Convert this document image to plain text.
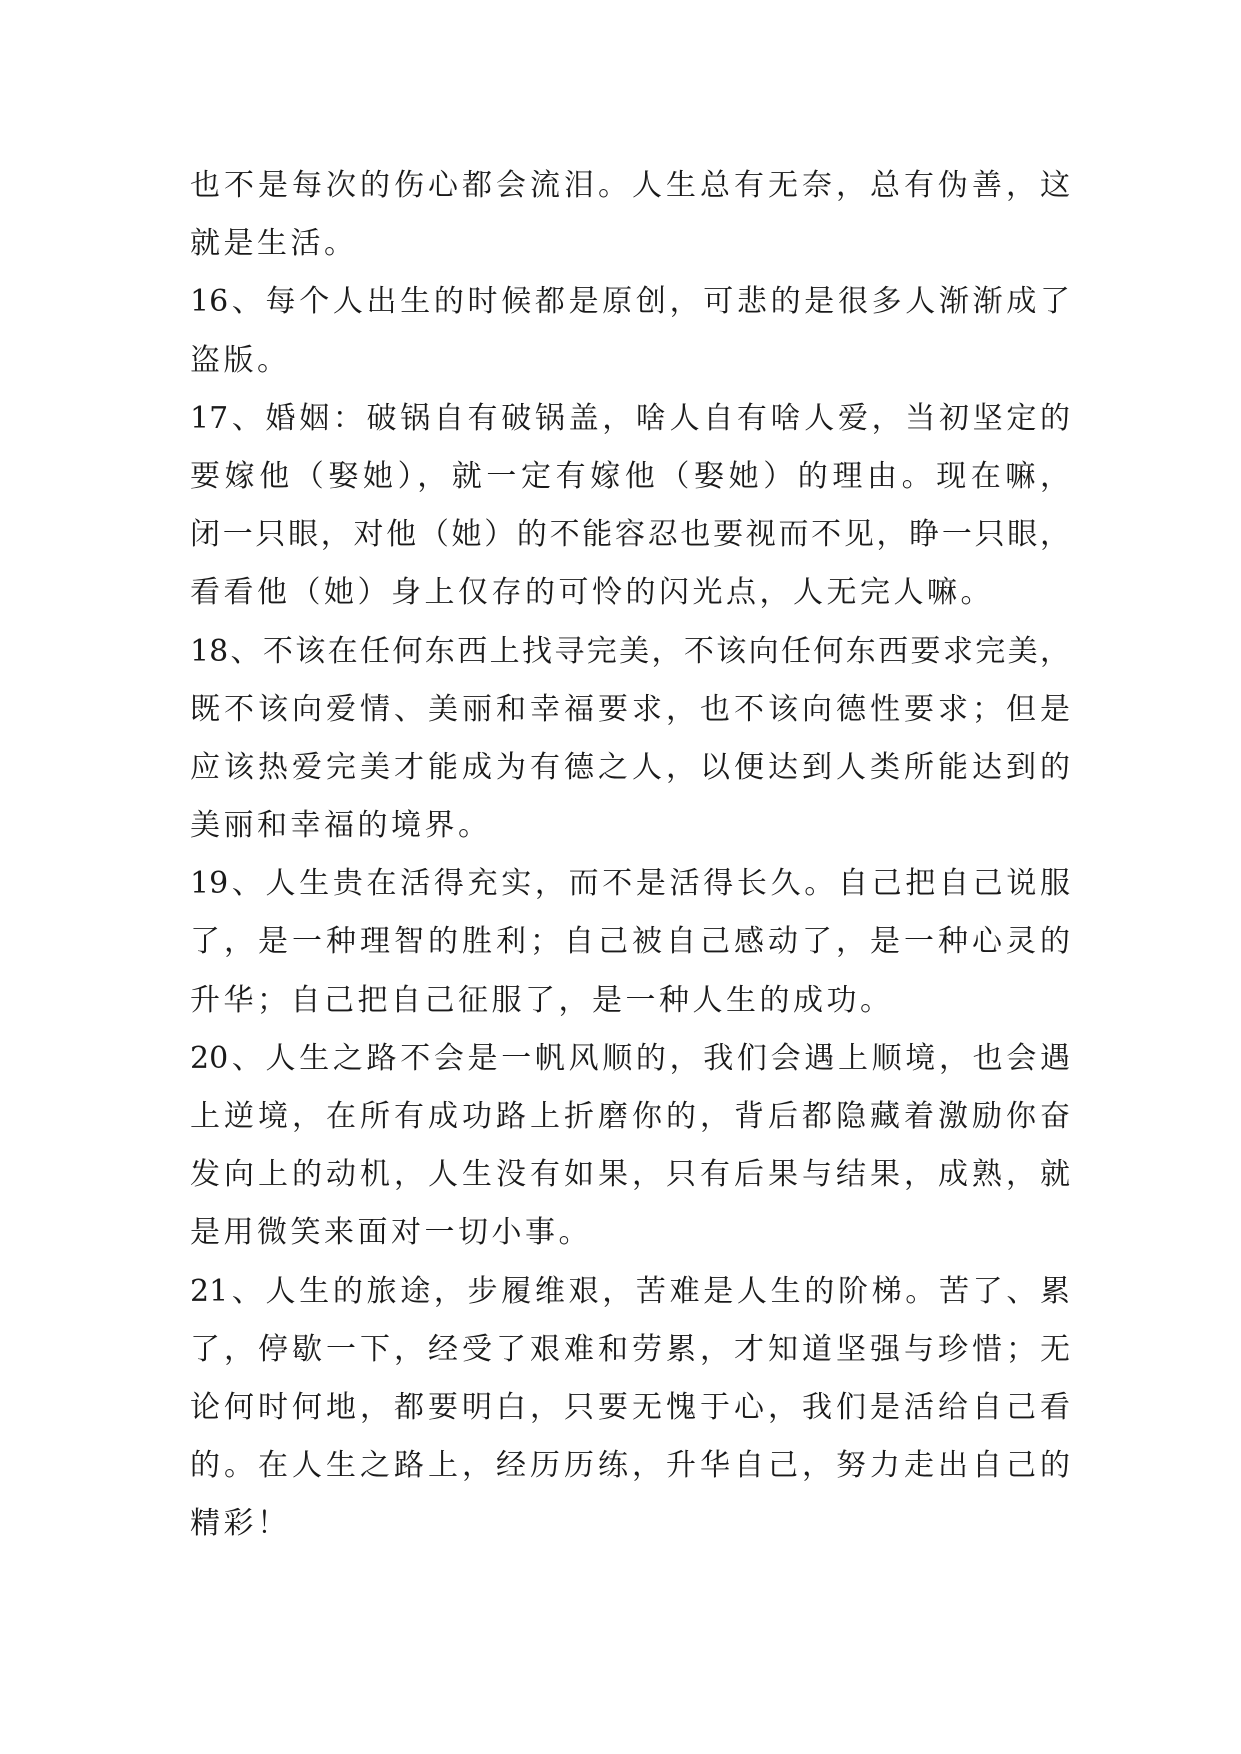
也不是每次的伤心都会流泪。人生总有无奈，总有伪善，这
就是生活。
16、每个人出生的时候都是原创，可悲的是很多人渐渐成了
盗版。
17、婚姻：破锅自有破锅盖，啥人自有啥人爱，当初坚定的
要嫁他（娶她），就一定有嫁他（娶她）的理由。现在嘛，
闭一只眼，对他（她）的不能容忍也要视而不见，睁一只眼，
看看他（她）身上仅存的可怜的闪光点，人无完人嘛。
18、不该在任何东西上找寻完美，不该向任何东西要求完美，
既不该向爱情、美丽和幸福要求，也不该向德性要求；但是
应该热爱完美才能成为有德之人，以便达到人类所能达到的
美丽和幸福的境界。
19、人生贵在活得充实，而不是活得长久。自己把自己说服
了，是一种理智的胜利；自己被自己感动了，是一种心灵的
升华；自己把自己征服了，是一种人生的成功。
20、人生之路不会是一帆风顺的，我们会遇上顺境，也会遇
上逆境，在所有成功路上折磨你的，背后都隐藏着激励你奋
发向上的动机，人生没有如果，只有后果与结果，成熟，就
是用微笑来面对一切小事。
21、人生的旅途，步履维艰，苦难是人生的阶梯。苦了、累
了，停歇一下，经受了艰难和劳累，才知道坚强与珍惜；无
论何时何地，都要明白，只要无愧于心，我们是活给自己看
的。在人生之路上，经历历练，升华自己，努力走出自己的
精彩！
